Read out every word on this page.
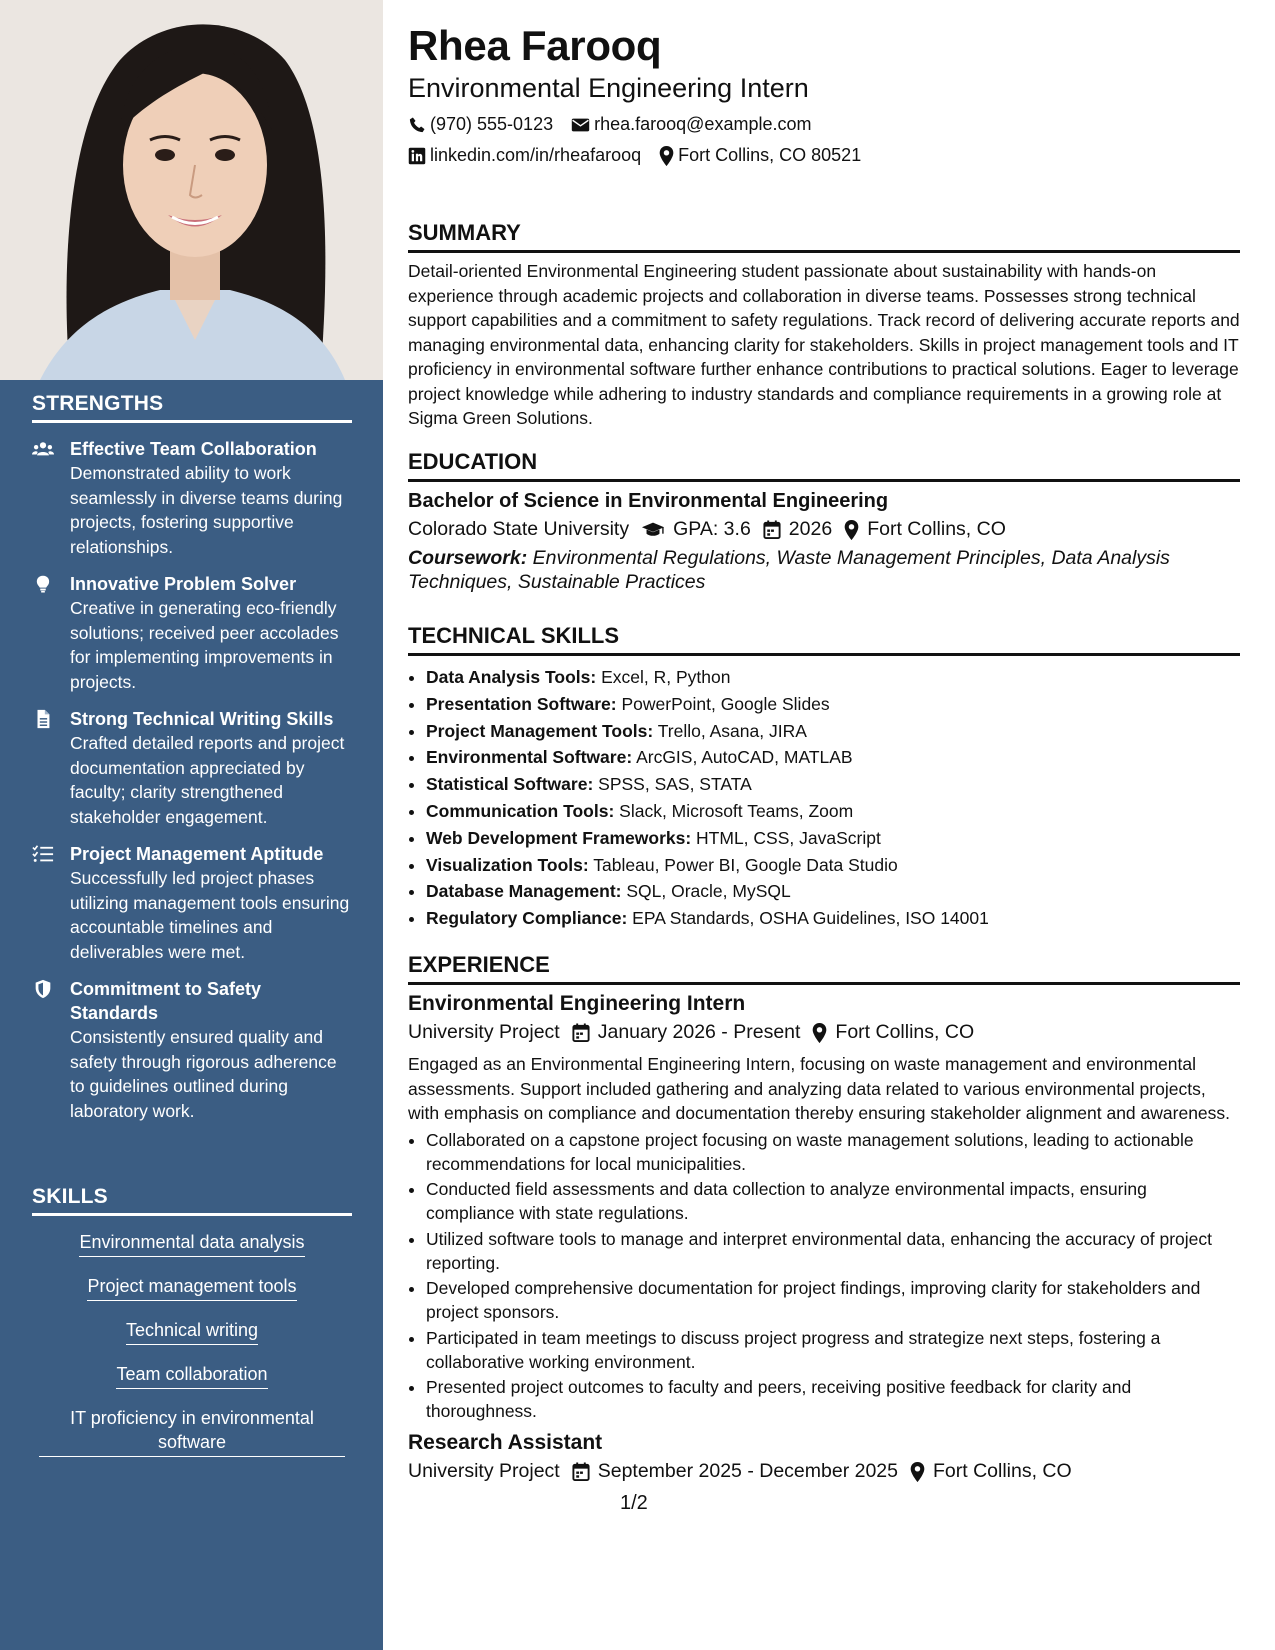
STRENGTHS
Effective Team Collaboration
Demonstrated ability to work seamlessly in diverse teams during projects, fostering supportive relationships.
Innovative Problem Solver
Creative in generating eco-friendly solutions; received peer accolades for implementing improvements in projects.
Strong Technical Writing Skills
Crafted detailed reports and project documentation appreciated by faculty; clarity strengthened stakeholder engagement.
Project Management Aptitude
Successfully led project phases utilizing management tools ensuring accountable timelines and deliverables were met.
Commitment to Safety Standards
Consistently ensured quality and safety through rigorous adherence to guidelines outlined during laboratory work.
SKILLS
Environmental data analysis
Project management tools
Technical writing
Team collaboration
IT proficiency in environmental software
Rhea Farooq
Environmental Engineering Intern
(970) 555-0123 rhea.farooq@example.com
linkedin.com/in/rheafarooq Fort Collins, CO 80521
SUMMARY
Detail-oriented Environmental Engineering student passionate about sustainability with hands-on experience through academic projects and collaboration in diverse teams. Possesses strong technical support capabilities and a commitment to safety regulations. Track record of delivering accurate reports and managing environmental data, enhancing clarity for stakeholders. Skills in project management tools and IT proficiency in environmental software further enhance contributions to practical solutions. Eager to leverage project knowledge while adhering to industry standards and compliance requirements in a growing role at Sigma Green Solutions.
EDUCATION
Bachelor of Science in Environmental Engineering
Colorado State University GPA: 3.6 2026 Fort Collins, CO
Coursework: Environmental Regulations, Waste Management Principles, Data Analysis Techniques, Sustainable Practices
TECHNICAL SKILLS
• Data Analysis Tools: Excel, R, Python
• Presentation Software: PowerPoint, Google Slides
• Project Management Tools: Trello, Asana, JIRA
• Environmental Software: ArcGIS, AutoCAD, MATLAB
• Statistical Software: SPSS, SAS, STATA
• Communication Tools: Slack, Microsoft Teams, Zoom
• Web Development Frameworks: HTML, CSS, JavaScript
• Visualization Tools: Tableau, Power BI, Google Data Studio
• Database Management: SQL, Oracle, MySQL
• Regulatory Compliance: EPA Standards, OSHA Guidelines, ISO 14001
EXPERIENCE
Environmental Engineering Intern
University Project January 2026 - Present Fort Collins, CO
Engaged as an Environmental Engineering Intern, focusing on waste management and environmental assessments. Support included gathering and analyzing data related to various environmental projects, with emphasis on compliance and documentation thereby ensuring stakeholder alignment and awareness.
• Collaborated on a capstone project focusing on waste management solutions, leading to actionable recommendations for local municipalities.
• Conducted field assessments and data collection to analyze environmental impacts, ensuring compliance with state regulations.
• Utilized software tools to manage and interpret environmental data, enhancing the accuracy of project reporting.
• Developed comprehensive documentation for project findings, improving clarity for stakeholders and project sponsors.
• Participated in team meetings to discuss project progress and strategize next steps, fostering a collaborative working environment.
• Presented project outcomes to faculty and peers, receiving positive feedback for clarity and thoroughness.
Research Assistant
University Project September 2025 - December 2025 Fort Collins, CO
1/2
